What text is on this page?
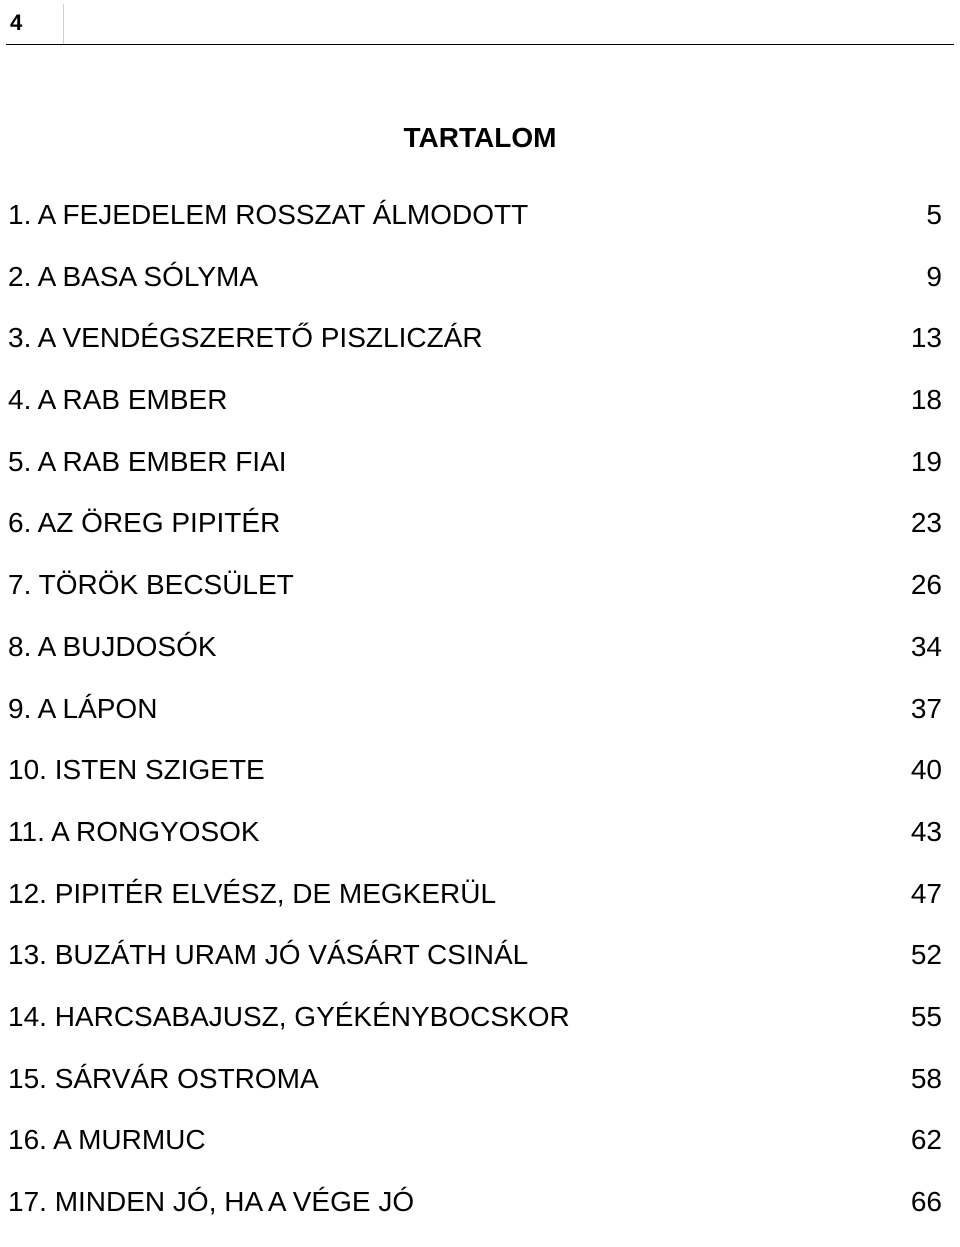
4
TARTALOM
1. A FEJEDELEM ROSSZAT ÁLMODOTT	5
2. A BASA SÓLYMA	9
3. A VENDÉGSZERETŐ PISZLICZÁR	13
4. A RAB EMBER	18
5. A RAB EMBER FIAI	19
6. AZ ÖREG PIPITÉR	23
7. TÖRÖK BECSÜLET	26
8. A BUJDOSÓK	34
9. A LÁPON	37
10. ISTEN SZIGETE	40
11. A RONGYOSOK	43
12. PIPITÉR ELVÉSZ, DE MEGKERÜL	47
13. BUZÁTH URAM JÓ VÁSÁRT CSINÁL	52
14. HARCSABAJUSZ, GYÉKÉNYBOCSKOR	55
15. SÁRVÁR OSTROMA	58
16. A MURMUC	62
17. MINDEN JÓ, HA A VÉGE JÓ	66
